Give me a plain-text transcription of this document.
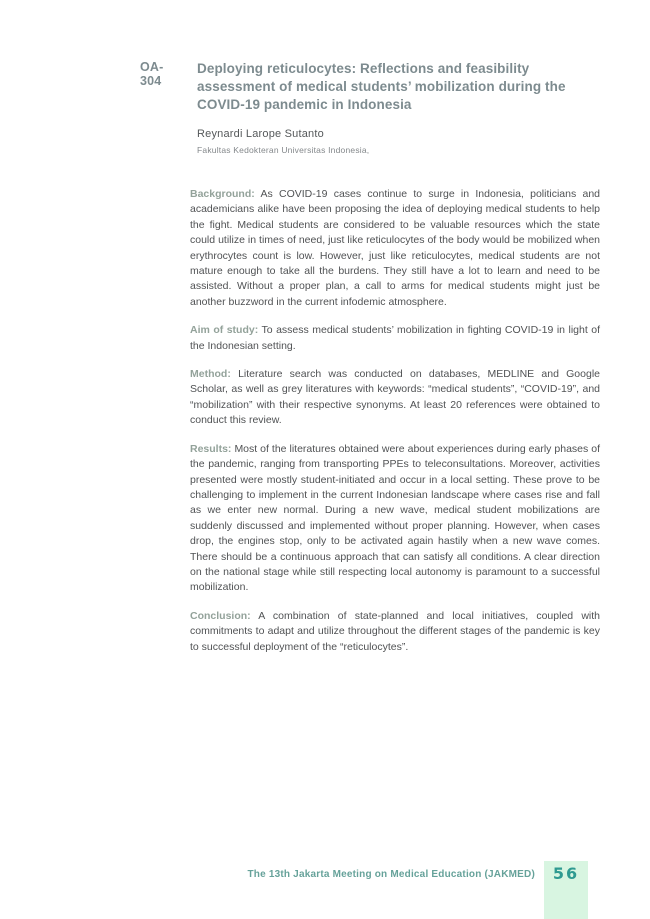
OA-304
Deploying reticulocytes: Reflections and feasibility assessment of medical students’ mobilization during the COVID-19 pandemic in Indonesia
Reynardi Larope Sutanto
Fakultas Kedokteran Universitas Indonesia,

Background: As COVID-19 cases continue to surge in Indonesia, politicians and academicians alike have been proposing the idea of deploying medical students to help the fight. Medical students are considered to be valuable resources which the state could utilize in times of need, just like reticulocytes of the body would be mobilized when erythrocytes count is low. However, just like reticulocytes, medical students are not mature enough to take all the burdens. They still have a lot to learn and need to be assisted. Without a proper plan, a call to arms for medical students might just be another buzzword in the current infodemic atmosphere.

Aim of study: To assess medical students’ mobilization in fighting COVID-19 in light of the Indonesian setting.

Method: Literature search was conducted on databases, MEDLINE and Google Scholar, as well as grey literatures with keywords: “medical students”, “COVID-19”, and “mobilization” with their respective synonyms. At least 20 references were obtained to conduct this review.

Results: Most of the literatures obtained were about experiences during early phases of the pandemic, ranging from transporting PPEs to teleconsultations. Moreover, activities presented were mostly student-initiated and occur in a local setting. These prove to be challenging to implement in the current Indonesian landscape where cases rise and fall as we enter new normal. During a new wave, medical student mobilizations are suddenly discussed and implemented without proper planning. However, when cases drop, the engines stop, only to be activated again hastily when a new wave comes. There should be a continuous approach that can satisfy all conditions. A clear direction on the national stage while still respecting local autonomy is paramount to a successful mobilization.

Conclusion: A combination of state-planned and local initiatives, coupled with commitments to adapt and utilize throughout the different stages of the pandemic is key to successful deployment of the “reticulocytes”.

The 13th Jakarta Meeting on Medical Education (JAKMED)	56
